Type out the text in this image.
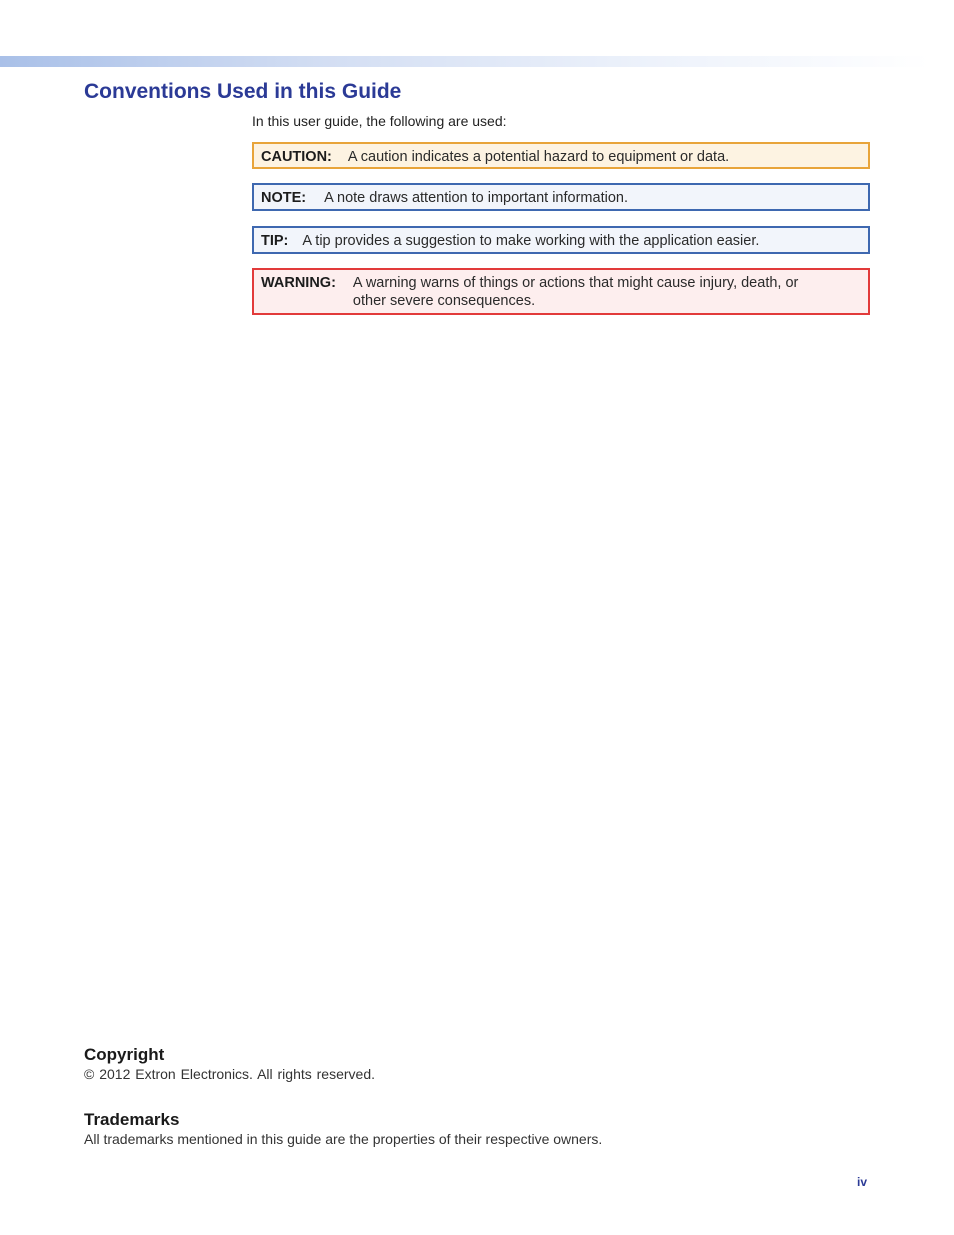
Conventions Used in this Guide

In this user guide, the following are used:

CAUTION: A caution indicates a potential hazard to equipment or data.
NOTE: A note draws attention to important information.
TIP: A tip provides a suggestion to make working with the application easier.
WARNING: A warning warns of things or actions that might cause injury, death, or other severe consequences.
Copyright

© 2012 Extron Electronics. All rights reserved.

Trademarks

All trademarks mentioned in this guide are the properties of their respective owners.

iv
